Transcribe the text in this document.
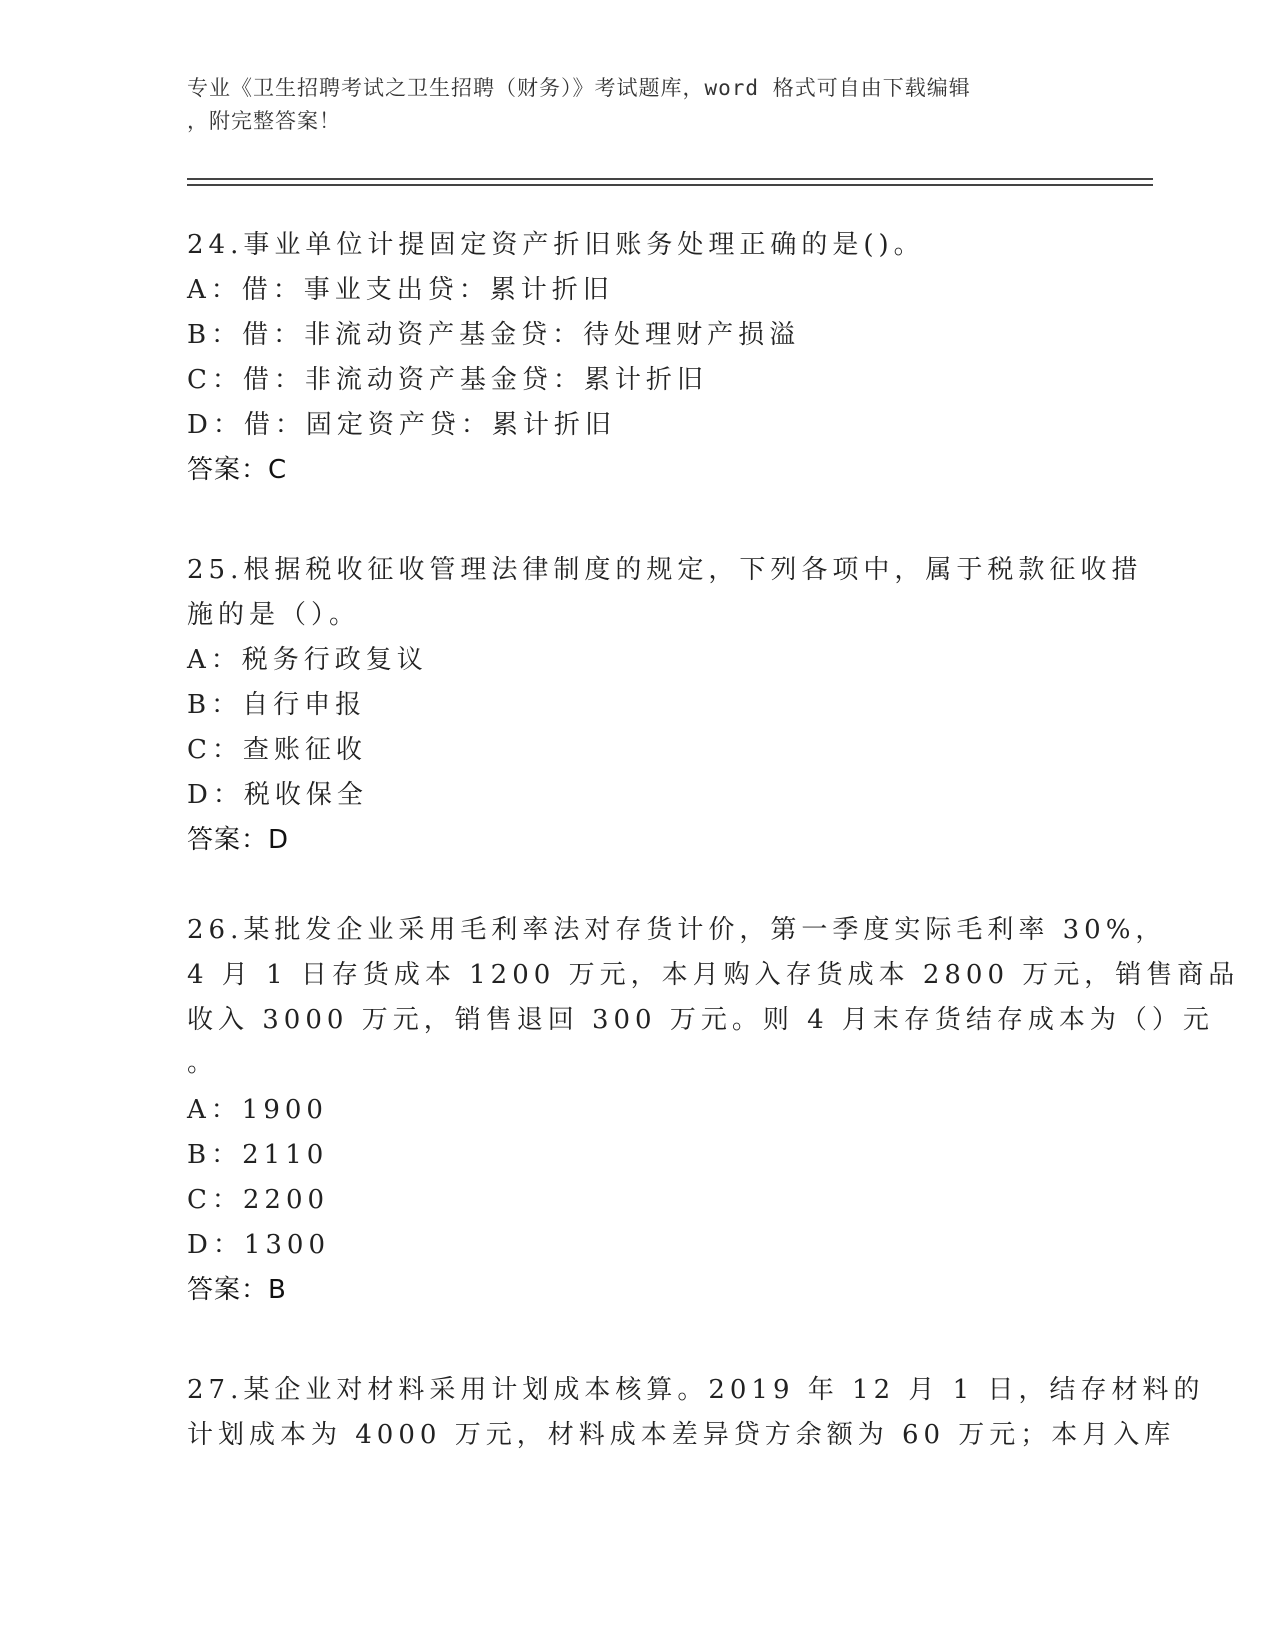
专业《卫生招聘考试之卫生招聘（财务）》考试题库，word 格式可自由下载编辑
，附完整答案！
24.事业单位计提固定资产折旧账务处理正确的是()。
A：借：事业支出贷：累计折旧
B：借：非流动资产基金贷：待处理财产损溢
C：借：非流动资产基金贷：累计折旧
D：借：固定资产贷：累计折旧
答案：C
25.根据税收征收管理法律制度的规定，下列各项中，属于税款征收措
施的是（）。
A：税务行政复议
B：自行申报
C：查账征收
D：税收保全
答案：D
26.某批发企业采用毛利率法对存货计价，第一季度实际毛利率 30%，
4 月 1 日存货成本 1200 万元，本月购入存货成本 2800 万元，销售商品
收入 3000 万元，销售退回 300 万元。则 4 月末存货结存成本为（）元
。
A：1900
B：2110
C：2200
D：1300
答案：B
27.某企业对材料采用计划成本核算。2019 年 12 月 1 日，结存材料的
计划成本为 4000 万元，材料成本差异贷方余额为 60 万元；本月入库
